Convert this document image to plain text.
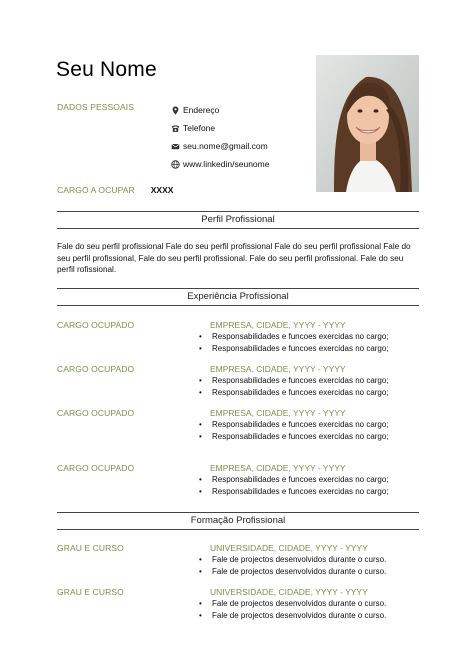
Seu Nome
DADOS PESSOAIS	Endereço
Telefone
seu.nome@gmail.com
www.linkedin/seunome
CARGO A OCUPAR XXXX
Perfil Profissional
Fale do seu perfil profissional Fale do seu perfil profissional Fale do seu perfil profissional Fale do seu perfil profissional, Fale do seu perfil profissional. Fale do seu perfil profissional. Fale do seu perfil rofissional.
Experiência Profissional
CARGO OCUPADO	EMPRESA, CIDADE, YYYY - YYYY
• Responsabilidades e funcoes exercidas no cargo;
• Responsabilidades e funcoes exercidas no cargo;
CARGO OCUPADO	EMPRESA, CIDADE, YYYY - YYYY
• Responsabilidades e funcoes exercidas no cargo;
• Responsabilidades e funcoes exercidas no cargo;
CARGO OCUPADO	EMPRESA, CIDADE, YYYY - YYYY
• Responsabilidades e funcoes exercidas no cargo;
• Responsabilidades e funcoes exercidas no cargo;
CARGO OCUPADO	EMPRESA, CIDADE, YYYY - YYYY
• Responsabilidades e funcoes exercidas no cargo;
• Responsabilidades e funcoes exercidas no cargo;
Formação Profissional
GRAU E CURSO	UNIVERSIDADE, CIDADE, YYYY - YYYY
• Fale de projectos desenvolvidos durante o curso.
• Fale de projectos desenvolvidos durante o curso.
GRAU E CURSO	UNIVERSIDADE, CIDADE, YYYY - YYYY
• Fale de projectos desenvolvidos durante o curso.
• Fale de projectos desenvolvidos durante o curso.
